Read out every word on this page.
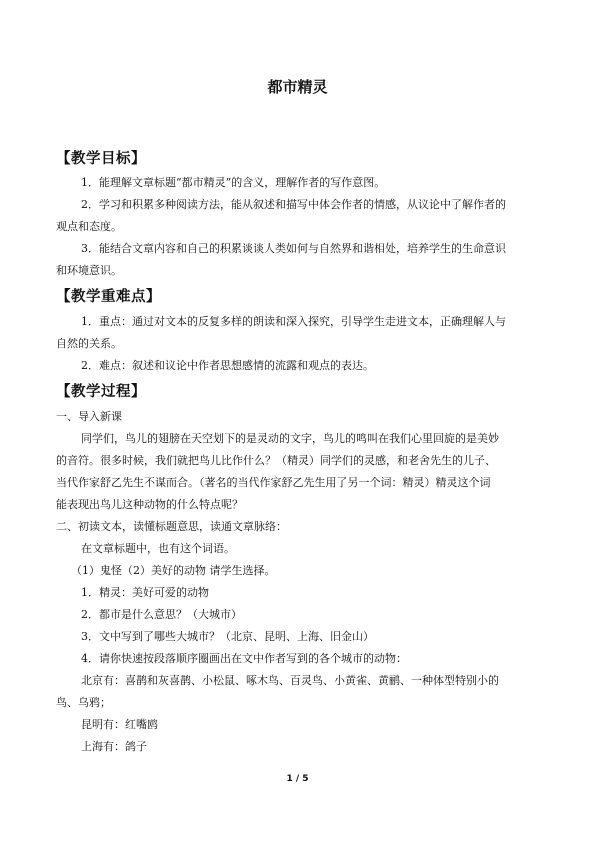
都市精灵
【教学目标】
1．能理解文章标题“都市精灵”的含义，理解作者的写作意图。
2．学习和积累多种阅读方法，能从叙述和描写中体会作者的情感，从议论中了解作者的
观点和态度。
3．能结合文章内容和自己的积累谈谈人类如何与自然界和谐相处，培养学生的生命意识
和环境意识。
【教学重难点】
1．重点：通过对文本的反复多样的朗读和深入探究，引导学生走进文本，正确理解人与
自然的关系。
2．难点：叙述和议论中作者思想感情的流露和观点的表达。
【教学过程】
一、导入新课
同学们，鸟儿的翅膀在天空划下的是灵动的文字，鸟儿的鸣叫在我们心里回旋的是美妙
的音符。很多时候，我们就把鸟儿比作什么？（精灵）同学们的灵感，和老舍先生的儿子、
当代作家舒乙先生不谋而合。（著名的当代作家舒乙先生用了另一个词：精灵）精灵这个词
能表现出鸟儿这种动物的什么特点呢？
二、初读文本，读懂标题意思，读通文章脉络：
在文章标题中，也有这个词语。
（1）鬼怪（2）美好的动物 请学生选择。
1．精灵：美好可爱的动物
2．都市是什么意思？（大城市）
3．文中写到了哪些大城市？（北京、昆明、上海、旧金山）
4．请你快速按段落顺序圈画出在文中作者写到的各个城市的动物：
北京有：喜鹊和灰喜鹊、小松鼠、啄木鸟、百灵鸟、小黄雀、黄鹂、一种体型特别小的
鸟、乌鸦；
昆明有：红嘴鸥
上海有：鸽子
1 / 5
